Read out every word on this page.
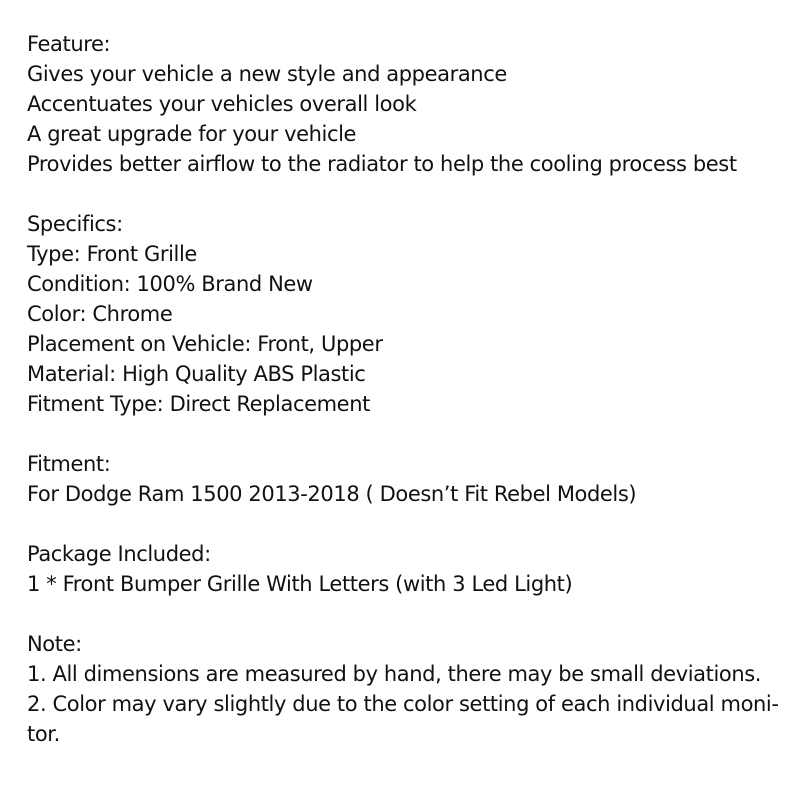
Feature:
Gives your vehicle a new style and appearance
Accentuates your vehicles overall look
A great upgrade for your vehicle
Provides better airflow to the radiator to help the cooling process best
Specifics:
Type: Front Grille
Condition: 100% Brand New
Color: Chrome
Placement on Vehicle: Front, Upper
Material: High Quality ABS Plastic
Fitment Type: Direct Replacement
Fitment:
For Dodge Ram 1500 2013-2018 ( Doesn’t Fit Rebel Models)
Package Included:
1 * Front Bumper Grille With Letters (with 3 Led Light)
Note:
1. All dimensions are measured by hand, there may be small deviations.
2. Color may vary slightly due to the color setting of each individual moni-
tor.
